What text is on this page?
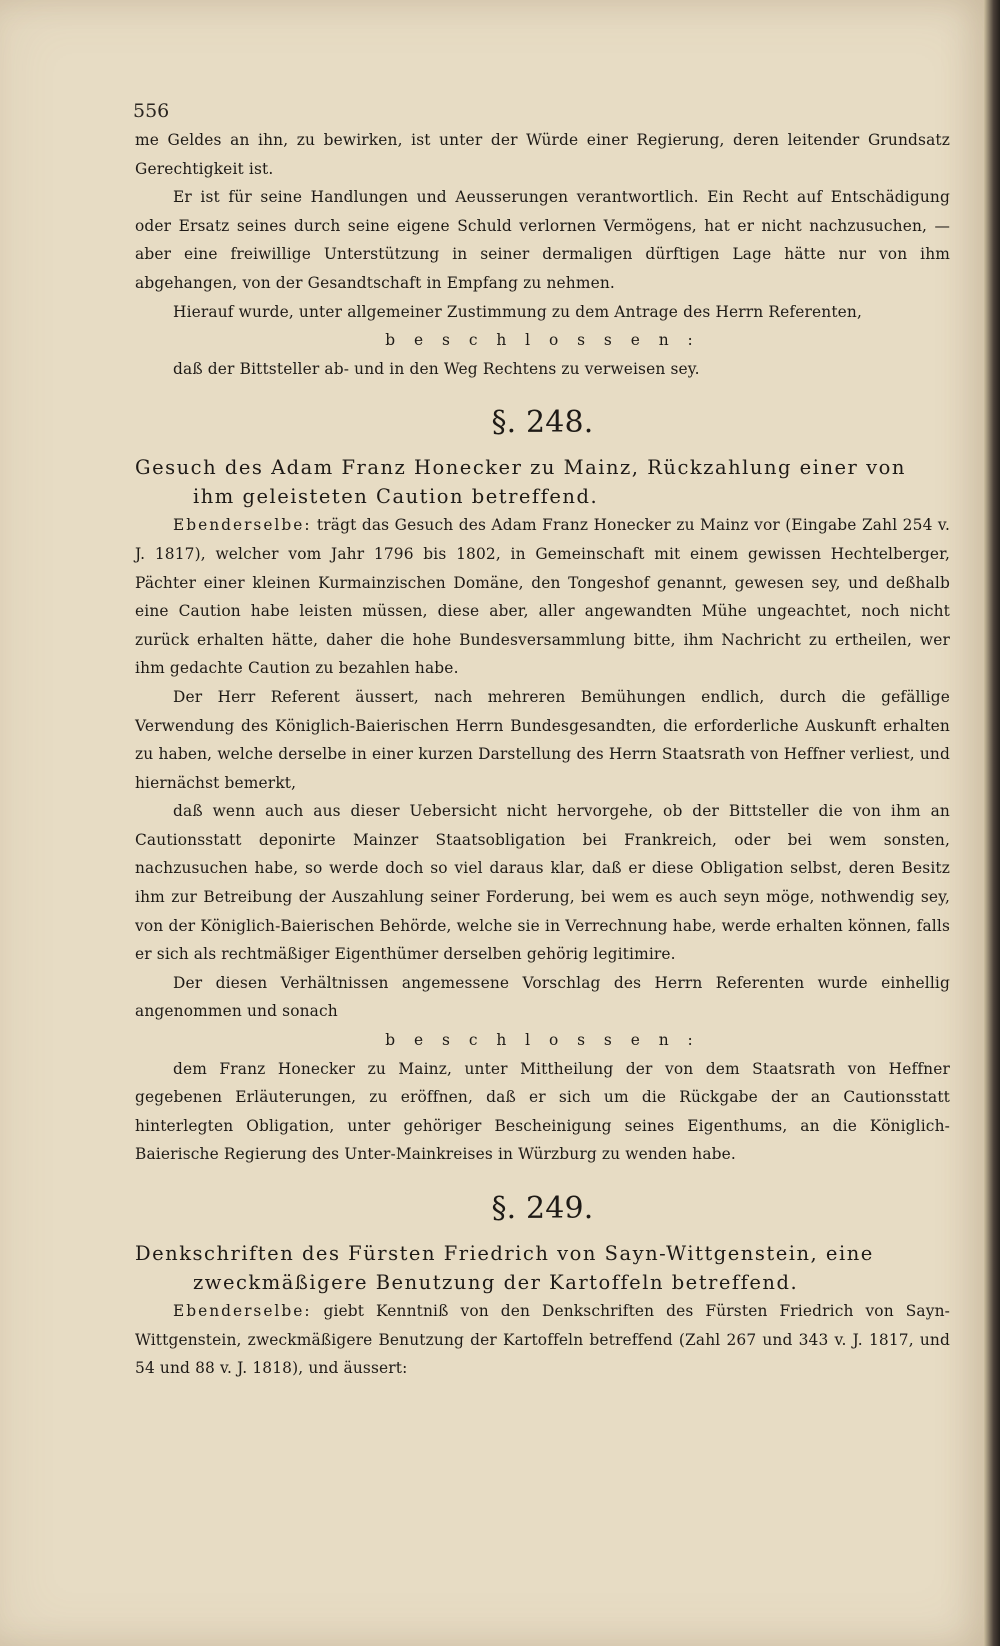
556

me Geldes an ihn, zu bewirken, ist unter der Würde einer Regierung, deren leitender Grundsatz Gerechtigkeit ist.

Er ist für seine Handlungen und Aeusserungen verantwortlich. Ein Recht auf Entschädigung oder Ersatz seines durch seine eigene Schuld verlornen Vermögens, hat er nicht nachzusuchen, — aber eine freiwillige Unterstützung in seiner dermaligen dürftigen Lage hätte nur von ihm abgehangen, von der Gesandtschaft in Empfang zu nehmen.

Hierauf wurde, unter allgemeiner Zustimmung zu dem Antrage des Herrn Referenten,

b e s c h l o s s e n :

daß der Bittsteller ab- und in den Weg Rechtens zu verweisen sey.

§. 248.

Gesuch des Adam Franz Honecker zu Mainz, Rückzahlung einer von

ihm geleisteten Caution betreffend.

Ebenderselbe: trägt das Gesuch des Adam Franz Honecker zu Mainz vor (Eingabe Zahl 254 v. J. 1817), welcher vom Jahr 1796 bis 1802, in Gemeinschaft mit einem gewissen Hechtelberger, Pächter einer kleinen Kurmainzischen Domäne, den Tongeshof genannt, gewesen sey, und deßhalb eine Caution habe leisten müssen, diese aber, aller angewandten Mühe ungeachtet, noch nicht zurück erhalten hätte, daher die hohe Bundesversammlung bitte, ihm Nachricht zu ertheilen, wer ihm gedachte Caution zu bezahlen habe.

Der Herr Referent äussert, nach mehreren Bemühungen endlich, durch die gefällige Verwendung des Königlich-Baierischen Herrn Bundesgesandten, die erforderliche Auskunft erhalten zu haben, welche derselbe in einer kurzen Darstellung des Herrn Staatsrath von Heffner verliest, und hiernächst bemerkt,

daß wenn auch aus dieser Uebersicht nicht hervorgehe, ob der Bittsteller die von ihm an Cautionsstatt deponirte Mainzer Staatsobligation bei Frankreich, oder bei wem sonsten, nachzusuchen habe, so werde doch so viel daraus klar, daß er diese Obligation selbst, deren Besitz ihm zur Betreibung der Auszahlung seiner Forderung, bei wem es auch seyn möge, nothwendig sey, von der Königlich-Baierischen Behörde, welche sie in Verrechnung habe, werde erhalten können, falls er sich als rechtmäßiger Eigenthümer derselben gehörig legitimire.

Der diesen Verhältnissen angemessene Vorschlag des Herrn Referenten wurde einhellig angenommen und sonach

b e s c h l o s s e n :

dem Franz Honecker zu Mainz, unter Mittheilung der von dem Staatsrath von Heffner gegebenen Erläuterungen, zu eröffnen, daß er sich um die Rückgabe der an Cautionsstatt hinterlegten Obligation, unter gehöriger Bescheinigung seines Eigenthums, an die Königlich-Baierische Regierung des Unter-Mainkreises in Würzburg zu wenden habe.

§. 249.

Denkschriften des Fürsten Friedrich von Sayn-Wittgenstein, eine

zweckmäßigere Benutzung der Kartoffeln betreffend.

Ebenderselbe: giebt Kenntniß von den Denkschriften des Fürsten Friedrich von Sayn-Wittgenstein, zweckmäßigere Benutzung der Kartoffeln betreffend (Zahl 267 und 343 v. J. 1817, und 54 und 88 v. J. 1818), und äussert:
